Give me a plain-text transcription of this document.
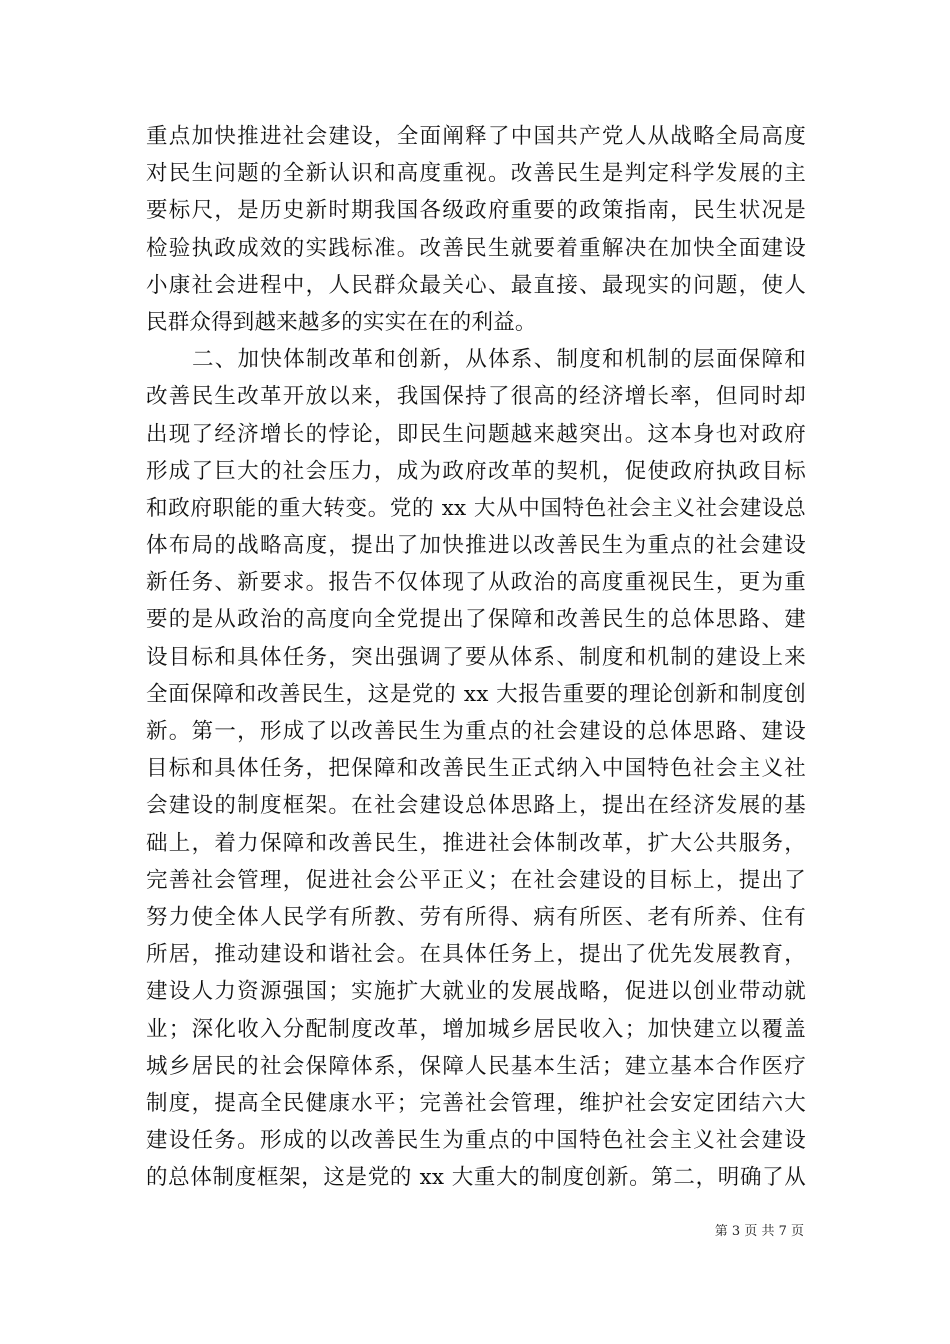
重点加快推进社会建设，全面阐释了中国共产党人从战略全局高度
对民生问题的全新认识和高度重视。改善民生是判定科学发展的主
要标尺，是历史新时期我国各级政府重要的政策指南，民生状况是
检验执政成效的实践标准。改善民生就要着重解决在加快全面建设
小康社会进程中，人民群众最关心、最直接、最现实的问题，使人
民群众得到越来越多的实实在在的利益。
二、加快体制改革和创新，从体系、制度和机制的层面保障和
改善民生改革开放以来，我国保持了很高的经济增长率，但同时却
出现了经济增长的悖论，即民生问题越来越突出。这本身也对政府
形成了巨大的社会压力，成为政府改革的契机，促使政府执政目标
和政府职能的重大转变。党的 xx 大从中国特色社会主义社会建设总
体布局的战略高度，提出了加快推进以改善民生为重点的社会建设
新任务、新要求。报告不仅体现了从政治的高度重视民生，更为重
要的是从政治的高度向全党提出了保障和改善民生的总体思路、建
设目标和具体任务，突出强调了要从体系、制度和机制的建设上来
全面保障和改善民生，这是党的 xx 大报告重要的理论创新和制度创
新。第一，形成了以改善民生为重点的社会建设的总体思路、建设
目标和具体任务，把保障和改善民生正式纳入中国特色社会主义社
会建设的制度框架。在社会建设总体思路上，提出在经济发展的基
础上，着力保障和改善民生，推进社会体制改革，扩大公共服务，
完善社会管理，促进社会公平正义；在社会建设的目标上，提出了
努力使全体人民学有所教、劳有所得、病有所医、老有所养、住有
所居，推动建设和谐社会。在具体任务上，提出了优先发展教育，
建设人力资源强国；实施扩大就业的发展战略，促进以创业带动就
业；深化收入分配制度改革，增加城乡居民收入；加快建立以覆盖
城乡居民的社会保障体系，保障人民基本生活；建立基本合作医疗
制度，提高全民健康水平；完善社会管理，维护社会安定团结六大
建设任务。形成的以改善民生为重点的中国特色社会主义社会建设
的总体制度框架，这是党的 xx 大重大的制度创新。第二，明确了从
第 3 页 共 7 页
